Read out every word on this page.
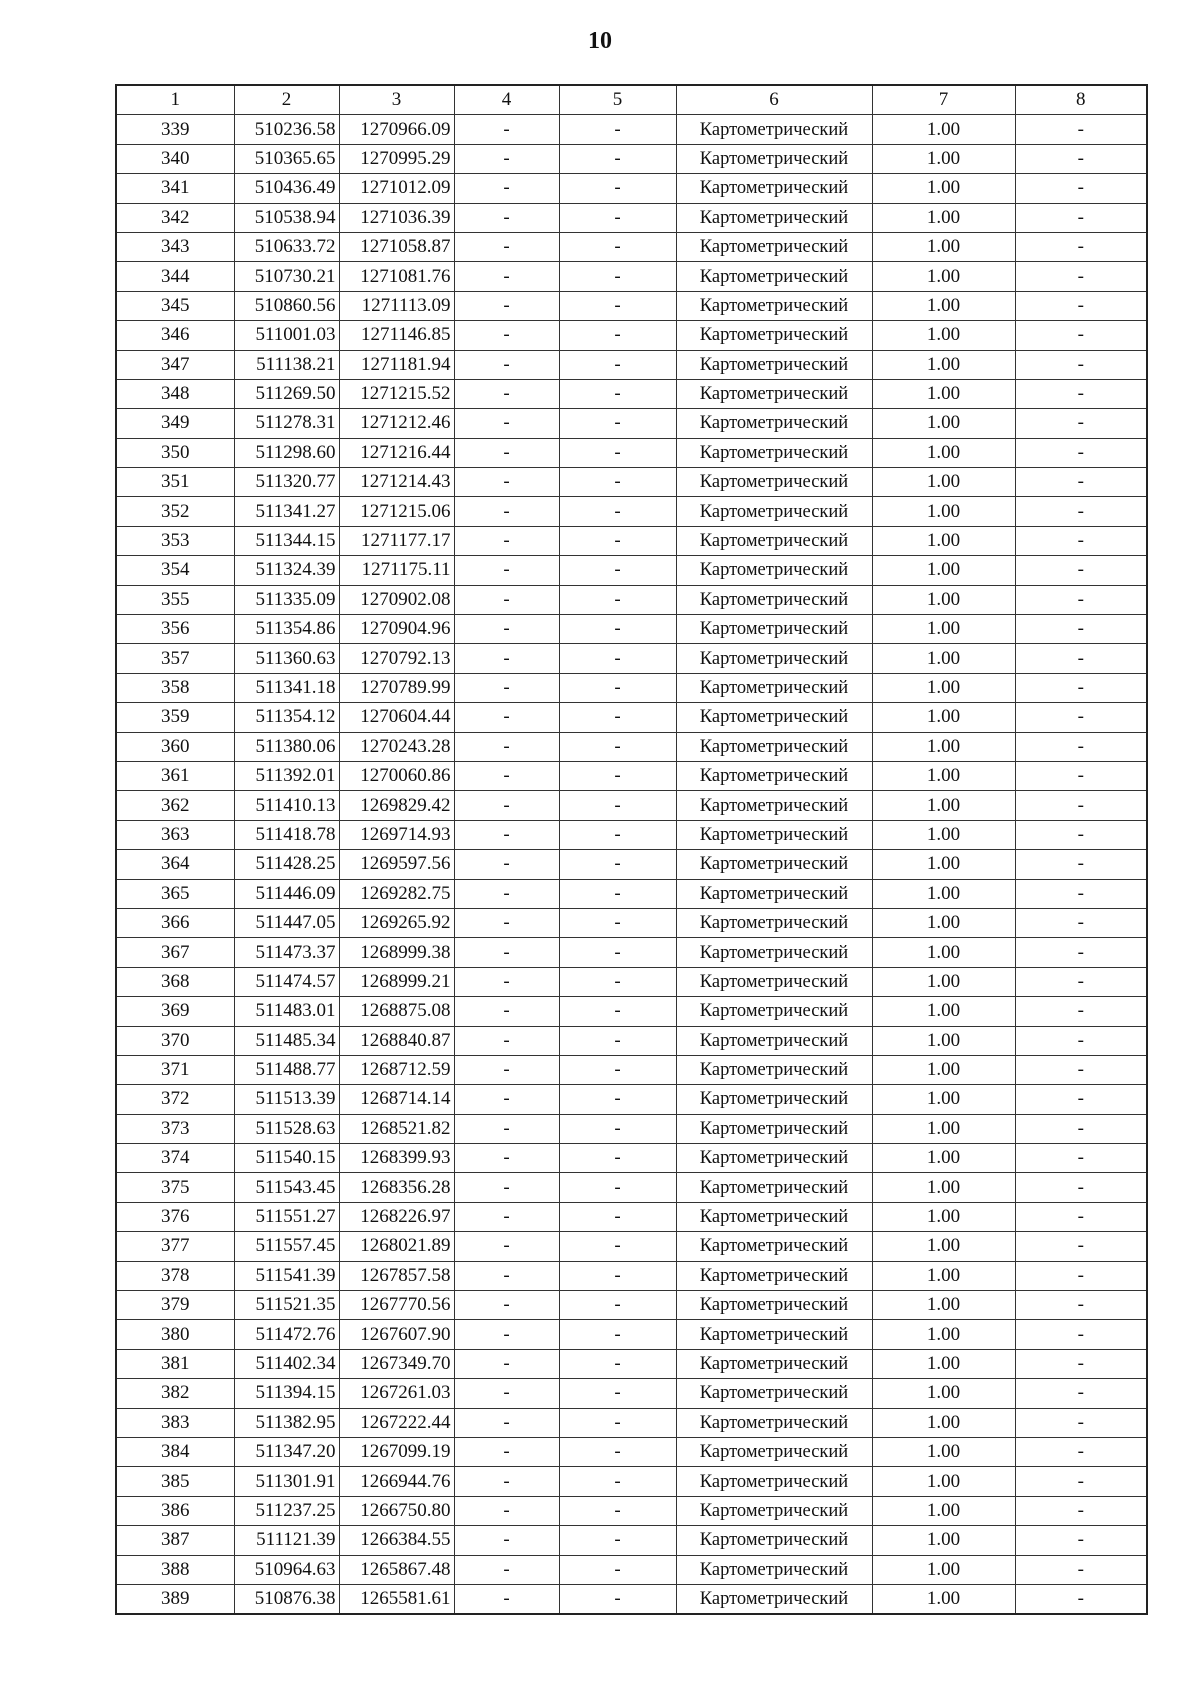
10
1	2	3	4	5	6	7	8
339	510236.58	1270966.09	-	-	Картометрический	1.00	-
340	510365.65	1270995.29	-	-	Картометрический	1.00	-
341	510436.49	1271012.09	-	-	Картометрический	1.00	-
342	510538.94	1271036.39	-	-	Картометрический	1.00	-
343	510633.72	1271058.87	-	-	Картометрический	1.00	-
344	510730.21	1271081.76	-	-	Картометрический	1.00	-
345	510860.56	1271113.09	-	-	Картометрический	1.00	-
346	511001.03	1271146.85	-	-	Картометрический	1.00	-
347	511138.21	1271181.94	-	-	Картометрический	1.00	-
348	511269.50	1271215.52	-	-	Картометрический	1.00	-
349	511278.31	1271212.46	-	-	Картометрический	1.00	-
350	511298.60	1271216.44	-	-	Картометрический	1.00	-
351	511320.77	1271214.43	-	-	Картометрический	1.00	-
352	511341.27	1271215.06	-	-	Картометрический	1.00	-
353	511344.15	1271177.17	-	-	Картометрический	1.00	-
354	511324.39	1271175.11	-	-	Картометрический	1.00	-
355	511335.09	1270902.08	-	-	Картометрический	1.00	-
356	511354.86	1270904.96	-	-	Картометрический	1.00	-
357	511360.63	1270792.13	-	-	Картометрический	1.00	-
358	511341.18	1270789.99	-	-	Картометрический	1.00	-
359	511354.12	1270604.44	-	-	Картометрический	1.00	-
360	511380.06	1270243.28	-	-	Картометрический	1.00	-
361	511392.01	1270060.86	-	-	Картометрический	1.00	-
362	511410.13	1269829.42	-	-	Картометрический	1.00	-
363	511418.78	1269714.93	-	-	Картометрический	1.00	-
364	511428.25	1269597.56	-	-	Картометрический	1.00	-
365	511446.09	1269282.75	-	-	Картометрический	1.00	-
366	511447.05	1269265.92	-	-	Картометрический	1.00	-
367	511473.37	1268999.38	-	-	Картометрический	1.00	-
368	511474.57	1268999.21	-	-	Картометрический	1.00	-
369	511483.01	1268875.08	-	-	Картометрический	1.00	-
370	511485.34	1268840.87	-	-	Картометрический	1.00	-
371	511488.77	1268712.59	-	-	Картометрический	1.00	-
372	511513.39	1268714.14	-	-	Картометрический	1.00	-
373	511528.63	1268521.82	-	-	Картометрический	1.00	-
374	511540.15	1268399.93	-	-	Картометрический	1.00	-
375	511543.45	1268356.28	-	-	Картометрический	1.00	-
376	511551.27	1268226.97	-	-	Картометрический	1.00	-
377	511557.45	1268021.89	-	-	Картометрический	1.00	-
378	511541.39	1267857.58	-	-	Картометрический	1.00	-
379	511521.35	1267770.56	-	-	Картометрический	1.00	-
380	511472.76	1267607.90	-	-	Картометрический	1.00	-
381	511402.34	1267349.70	-	-	Картометрический	1.00	-
382	511394.15	1267261.03	-	-	Картометрический	1.00	-
383	511382.95	1267222.44	-	-	Картометрический	1.00	-
384	511347.20	1267099.19	-	-	Картометрический	1.00	-
385	511301.91	1266944.76	-	-	Картометрический	1.00	-
386	511237.25	1266750.80	-	-	Картометрический	1.00	-
387	511121.39	1266384.55	-	-	Картометрический	1.00	-
388	510964.63	1265867.48	-	-	Картометрический	1.00	-
389	510876.38	1265581.61	-	-	Картометрический	1.00	-
